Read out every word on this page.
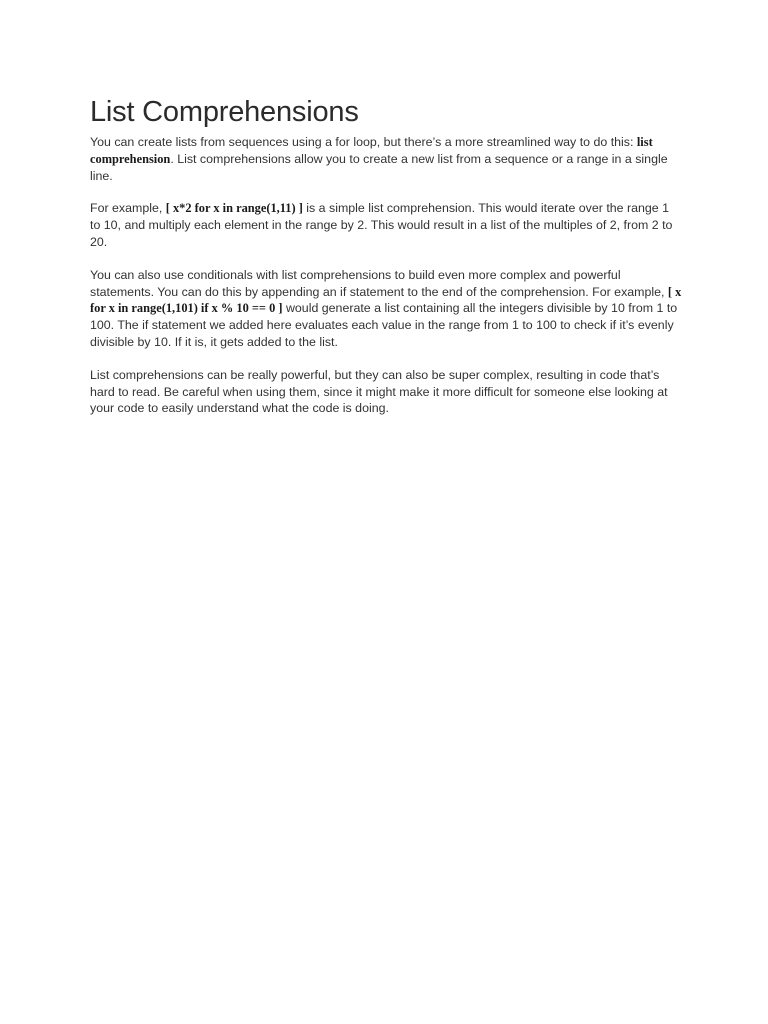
List Comprehensions

You can create lists from sequences using a for loop, but there’s a more streamlined way to do this: list comprehension. List comprehensions allow you to create a new list from a sequence or a range in a single line.

For example, [ x*2 for x in range(1,11) ] is a simple list comprehension. This would iterate over the range 1 to 10, and multiply each element in the range by 2. This would result in a list of the multiples of 2, from 2 to 20.

You can also use conditionals with list comprehensions to build even more complex and powerful statements. You can do this by appending an if statement to the end of the comprehension. For example, [ x for x in range(1,101) if x % 10 == 0 ] would generate a list containing all the integers divisible by 10 from 1 to 100. The if statement we added here evaluates each value in the range from 1 to 100 to check if it’s evenly divisible by 10. If it is, it gets added to the list.

List comprehensions can be really powerful, but they can also be super complex, resulting in code that’s hard to read. Be careful when using them, since it might make it more difficult for someone else looking at your code to easily understand what the code is doing.
